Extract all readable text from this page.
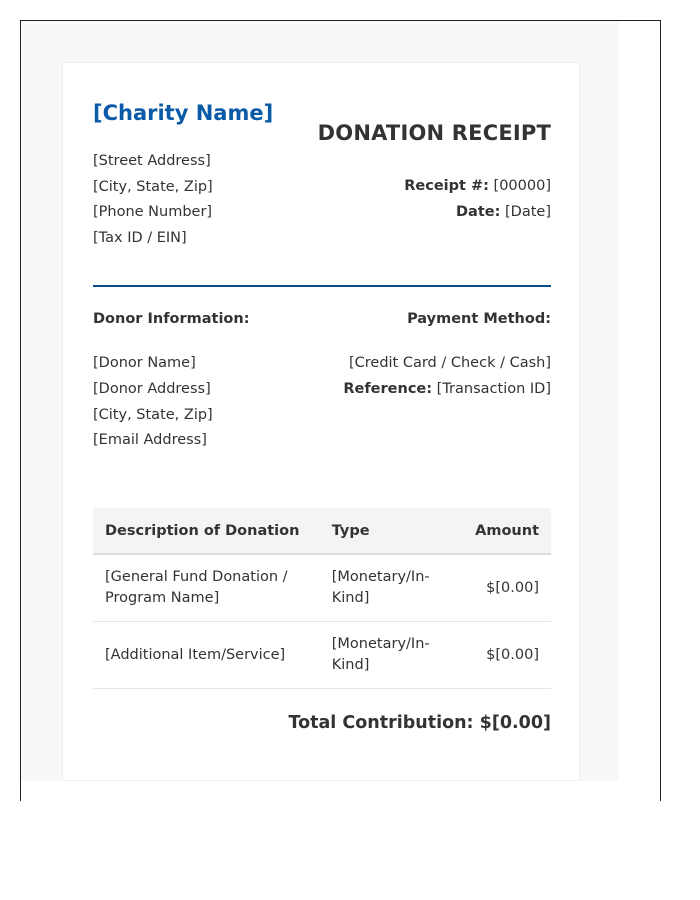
[Charity Name]
[Street Address]
[City, State, Zip]
[Phone Number]
[Tax ID / EIN]
DONATION RECEIPT
Receipt #: [00000]
Date: [Date]
Donor Information:	Payment Method:
[Donor Name]
[Donor Address]
[City, State, Zip]
[Email Address]
[Credit Card / Check / Cash]
Reference: [Transaction ID]
Description of Donation	Type	Amount
[General Fund Donation / Program Name]	[Monetary/In-Kind]	$[0.00]
[Additional Item/Service]	[Monetary/In-Kind]	$[0.00]
Total Contribution: $[0.00]
